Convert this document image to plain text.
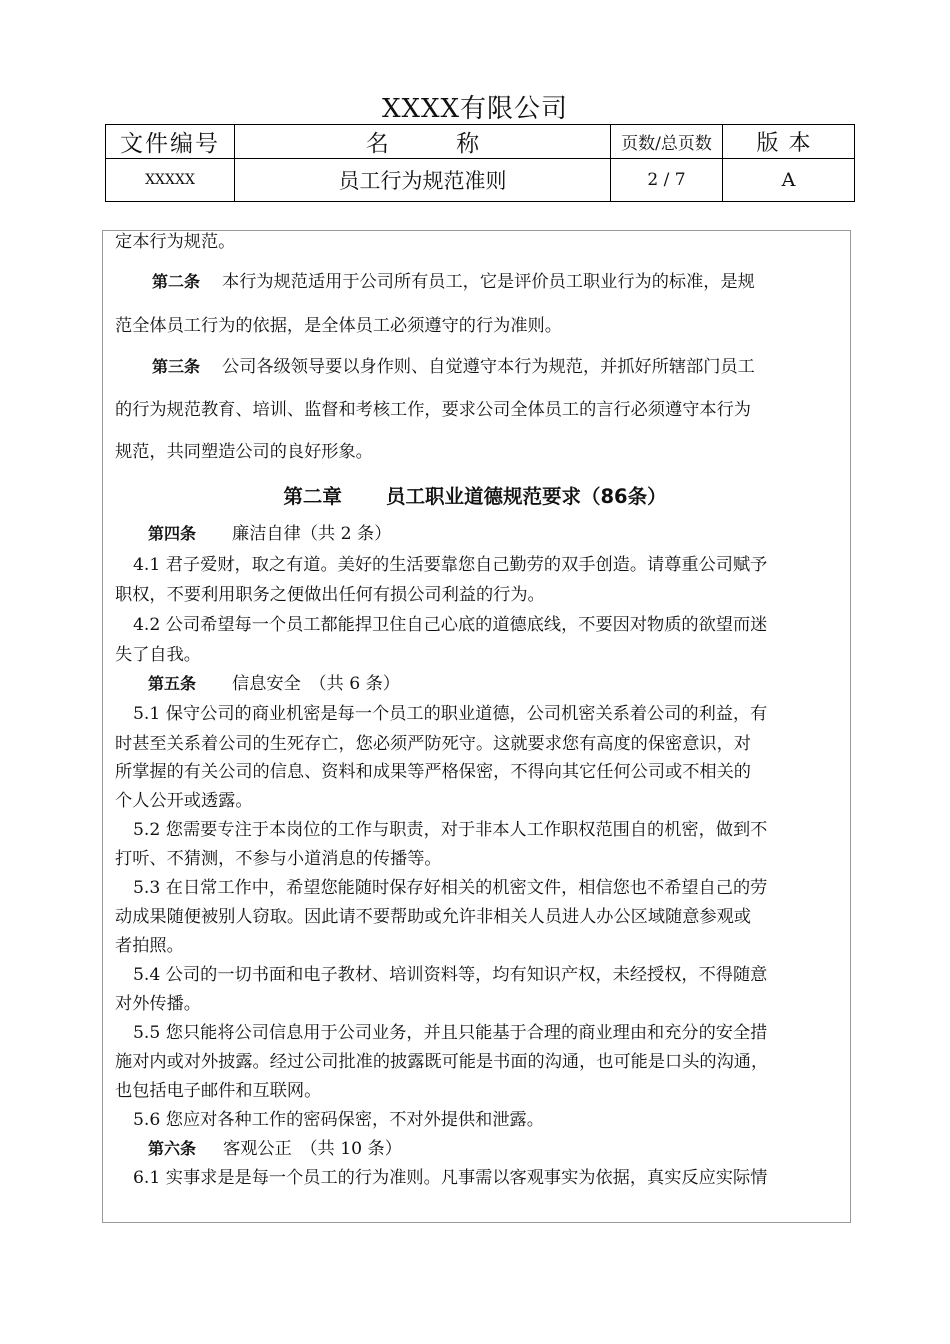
XXXX有限公司
文件编号	名 称	页数/总页数	版本
XXXXX	员工行为规范准则	2 / 7	A
定本行为规范。
第二条 本行为规范适用于公司所有员工，它是评价员工职业行为的标准，是规
范全体员工行为的依据，是全体员工必须遵守的行为准则。
第三条 公司各级领导要以身作则、自觉遵守本行为规范，并抓好所辖部门员工
的行为规范教育、培训、监督和考核工作，要求公司全体员工的言行必须遵守本行为
规范，共同塑造公司的良好形象。
第二章 员工职业道德规范要求（86条）
第四条 廉洁自律（共 2 条）
4.1 君子爱财，取之有道。美好的生活要靠您自己勤劳的双手创造。请尊重公司赋予
职权，不要利用职务之便做出任何有损公司利益的行为。
4.2 公司希望每一个员工都能捍卫住自己心底的道德底线，不要因对物质的欲望而迷
失了自我。
第五条 信息安全　（共 6 条）
5.1 保守公司的商业机密是每一个员工的职业道德，公司机密关系着公司的利益，有
时甚至关系着公司的生死存亡，您必须严防死守。这就要求您有高度的保密意识，对
所掌握的有关公司的信息、资料和成果等严格保密，不得向其它任何公司或不相关的
个人公开或透露。
5.2 您需要专注于本岗位的工作与职责，对于非本人工作职权范围自的机密，做到不
打听、不猜测，不参与小道消息的传播等。
5.3 在日常工作中，希望您能随时保存好相关的机密文件，相信您也不希望自己的劳
动成果随便被别人窃取。因此请不要帮助或允许非相关人员进人办公区域随意参观或
者拍照。
5.4 公司的一切书面和电子教材、培训资料等，均有知识产权，未经授权，不得随意
对外传播。
5.5 您只能将公司信息用于公司业务，并且只能基于合理的商业理由和充分的安全措
施对内或对外披露。经过公司批准的披露既可能是书面的沟通，也可能是口头的沟通，
也包括电子邮件和互联网。
5.6 您应对各种工作的密码保密，不对外提供和泄露。
第六条 客观公正　（共 10 条）
6.1 实事求是是每一个员工的行为准则。凡事需以客观事实为依据，真实反应实际情
